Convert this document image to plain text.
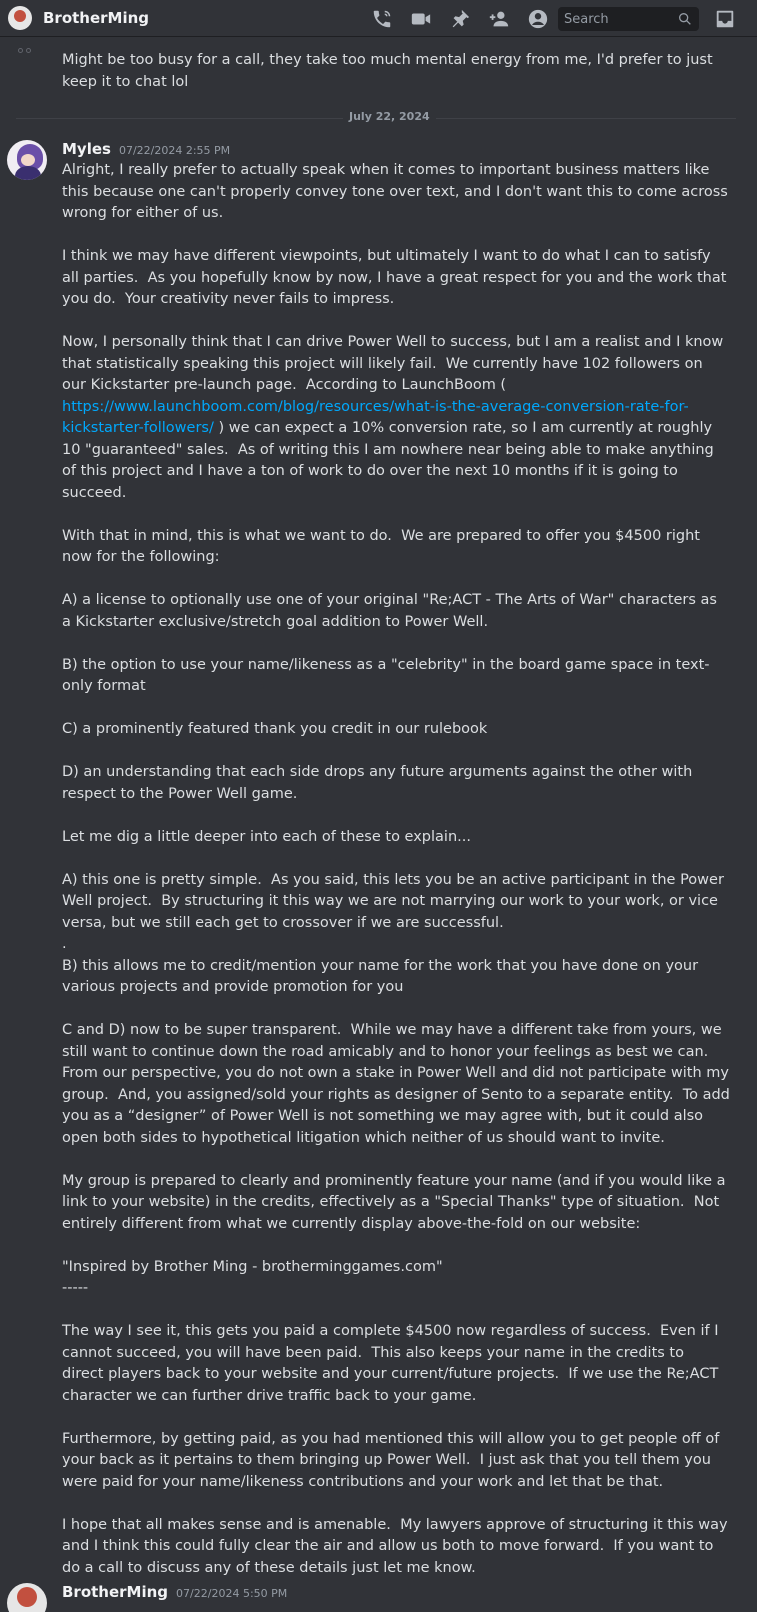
BrotherMing
Search
Might be too busy for a call, they take too much mental energy from me, I'd prefer to just keep it to chat lol
July 22, 2024
Myles 07/22/2024 2:55 PM
Alright, I really prefer to actually speak when it comes to important business matters like this because one can't properly convey tone over text, and I don't want this to come across wrong for either of us.

I think we may have different viewpoints, but ultimately I want to do what I can to satisfy all parties.  As you hopefully know by now, I have a great respect for you and the work that you do.  Your creativity never fails to impress.

Now, I personally think that I can drive Power Well to success, but I am a realist and I know that statistically speaking this project will likely fail.  We currently have 102 followers on our Kickstarter pre-launch page.  According to LaunchBoom ( https://www.launchboom.com/blog/resources/what-is-the-average-conversion-rate-for-kickstarter-followers/ ) we can expect a 10% conversion rate, so I am currently at roughly 10 "guaranteed" sales.  As of writing this I am nowhere near being able to make anything of this project and I have a ton of work to do over the next 10 months if it is going to succeed.

With that in mind, this is what we want to do.  We are prepared to offer you $4500 right now for the following:

A) a license to optionally use one of your original "Re;ACT - The Arts of War" characters as a Kickstarter exclusive/stretch goal addition to Power Well.

B) the option to use your name/likeness as a "celebrity" in the board game space in text-only format

C) a prominently featured thank you credit in our rulebook

D) an understanding that each side drops any future arguments against the other with respect to the Power Well game.

Let me dig a little deeper into each of these to explain...

A) this one is pretty simple.  As you said, this lets you be an active participant in the Power Well project.  By structuring it this way we are not marrying our work to your work, or vice versa, but we still each get to crossover if we are successful.
.
B) this allows me to credit/mention your name for the work that you have done on your various projects and provide promotion for you

C and D) now to be super transparent.  While we may have a different take from yours, we still want to continue down the road amicably and to honor your feelings as best we can.  From our perspective, you do not own a stake in Power Well and did not participate with my group.  And, you assigned/sold your rights as designer of Sento to a separate entity.  To add you as a “designer” of Power Well is not something we may agree with, but it could also open both sides to hypothetical litigation which neither of us should want to invite.

My group is prepared to clearly and prominently feature your name (and if you would like a link to your website) in the credits, effectively as a "Special Thanks" type of situation.  Not entirely different from what we currently display above-the-fold on our website:

"Inspired by Brother Ming - brotherminggames.com"
-----

The way I see it, this gets you paid a complete $4500 now regardless of success.  Even if I cannot succeed, you will have been paid.  This also keeps your name in the credits to direct players back to your website and your current/future projects.  If we use the Re;ACT character we can further drive traffic back to your game.

Furthermore, by getting paid, as you had mentioned this will allow you to get people off of your back as it pertains to them bringing up Power Well.  I just ask that you tell them you were paid for your name/likeness contributions and your work and let that be that.

I hope that all makes sense and is amenable.  My lawyers approve of structuring it this way and I think this could fully clear the air and allow us both to move forward.  If you want to do a call to discuss any of these details just let me know.
BrotherMing 07/22/2024 5:50 PM
